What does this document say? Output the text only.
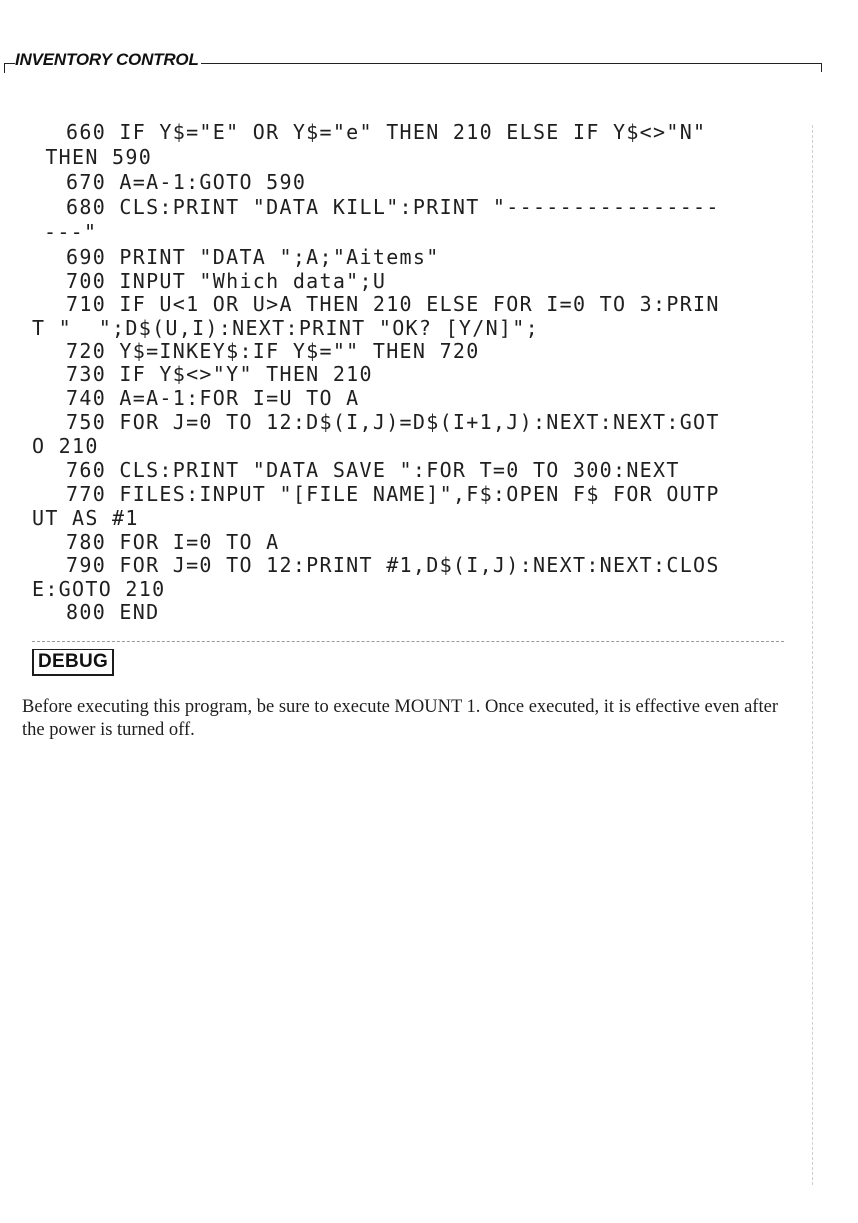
INVENTORY CONTROL
660 IF Y$="E" OR Y$="e" THEN 210 ELSE IF Y$<>"N"
THEN 590
670 A=A-1:GOTO 590
680 CLS:PRINT "DATA KILL":PRINT "----------------
---"
690 PRINT "DATA ";A;"Aitems"
700 INPUT "Which data";U
710 IF U<1 OR U>A THEN 210 ELSE FOR I=0 TO 3:PRIN
T "  ";D$(U,I):NEXT:PRINT "OK? [Y/N]";
720 Y$=INKEY$:IF Y$="" THEN 720
730 IF Y$<>"Y" THEN 210
740 A=A-1:FOR I=U TO A
750 FOR J=0 TO 12:D$(I,J)=D$(I+1,J):NEXT:NEXT:GOT
O 210
760 CLS:PRINT "DATA SAVE ":FOR T=0 TO 300:NEXT
770 FILES:INPUT "[FILE NAME]",F$:OPEN F$ FOR OUTP
UT AS #1
780 FOR I=0 TO A
790 FOR J=0 TO 12:PRINT #1,D$(I,J):NEXT:NEXT:CLOS
E:GOTO 210
800 END
DEBUG

Before executing this program, be sure to execute MOUNT 1. Once executed, it is effective even after the power is turned off.
